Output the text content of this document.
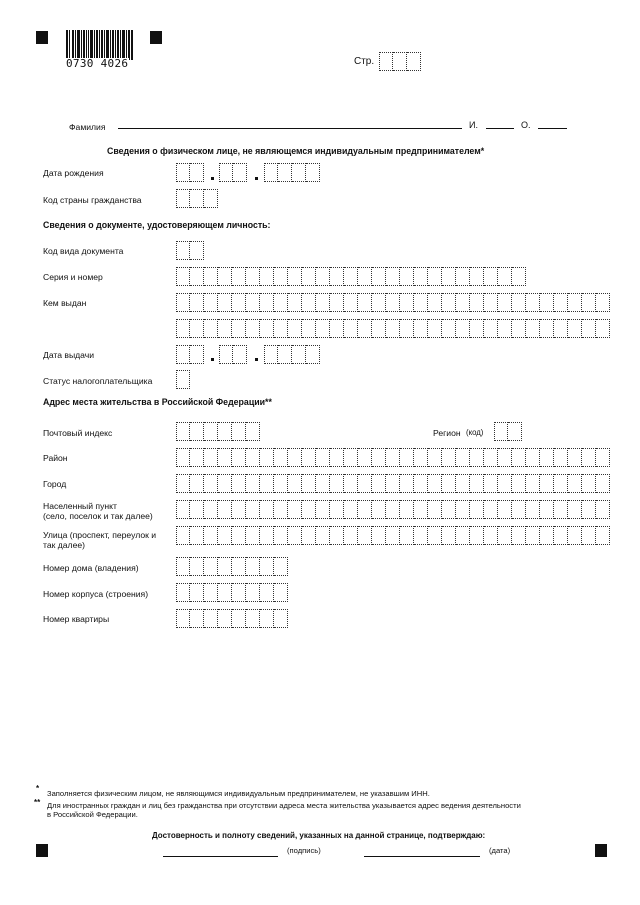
0730 4026	Стр.
Фамилия	И.	О.
Сведения о физическом лице, не являющемся индивидуальным предпринимателем*
Дата рождения
Код страны гражданства
Сведения о документе, удостоверяющем личность:
Код вида документа
Серия и номер
Кем выдан
Дата выдачи
Статус налогоплательщика
Адрес места жительства в Российской Федерации**
Почтовый индекс	Регион (код)
Район
Город
Населенный пункт
(село, поселок и так далее)
Улица (проспект, переулок и
так далее)
Номер дома (владения)
Номер корпуса (строения)
Номер квартиры
*
Заполняется физическим лицом, не являющимся индивидуальным предпринимателем, не указавшим ИНН.
** Для иностранных граждан и лиц без гражданства при отсутствии адреса места жительства указывается адрес ведения деятельности
в Российской Федерации.
Достоверность и полноту сведений, указанных на данной странице, подтверждаю:
(подпись)	(дата)
